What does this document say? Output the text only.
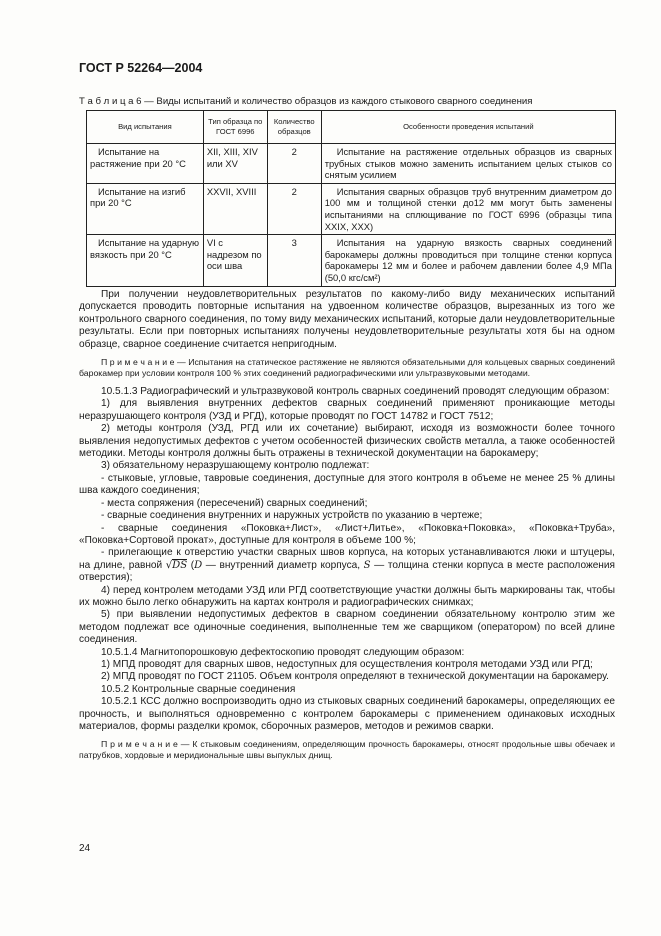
ГОСТ Р 52264—2004
Т а б л и ц а 6 — Виды испытаний и количество образцов из каждого стыкового сварного соединения
Вид испытания	Тип образца по ГОСТ 6996	Количество образцов	Особенности проведения испытаний
Испытание на растяжение при 20 °С	XII, XIII, XIV или XV	2	Испытание на растяжение отдельных образцов из сварных трубных стыков можно заменить испытанием целых стыков со снятым усилием
Испытание на изгиб при 20 °С	XXVII, XVIII	2	Испытания сварных образцов труб внутренним диаметром до 100 мм и толщиной стенки до12 мм могут быть заменены испытаниями на сплющивание по ГОСТ 6996 (образцы типа XXIX, XXX)
Испытание на ударную вязкость при 20 °С	VI с надрезом по оси шва	3	Испытания на ударную вязкость сварных соединений барокамеры должны проводиться при толщине стенки корпуса барокамеры 12 мм и более и рабочем давлении более 4,9 МПа (50,0 кгс/см²)

При получении неудовлетворительных результатов по какому-либо виду механических испытаний допускается проводить повторные испытания на удвоенном количестве образцов, вырезанных из того же контрольного сварного соединения, по тому виду механических испытаний, которые дали неудовлетворительные результаты. Если при повторных испытаниях получены неудовлетворительные результаты хотя бы на одном образце, сварное соединение считается непригодным.

П р и м е ч а н и е — Испытания на статическое растяжение не являются обязательными для кольцевых сварных соединений барокамер при условии контроля 100 % этих соединений радиографическими или ультразвуковыми методами.

10.5.1.3 Радиографический и ультразвуковой контроль сварных соединений проводят следующим образом:

1) для выявления внутренних дефектов сварных соединений применяют проникающие методы неразрушающего контроля (УЗД и РГД), которые проводят по ГОСТ 14782 и ГОСТ 7512;

2) методы контроля (УЗД, РГД или их сочетание) выбирают, исходя из возможности более точного выявления недопустимых дефектов с учетом особенностей физических свойств металла, а также особенностей методики. Методы контроля должны быть отражены в технической документации на барокамеру;

3) обязательному неразрушающему контролю подлежат:

- стыковые, угловые, тавровые соединения, доступные для этого контроля в объеме не менее 25 % длины шва каждого соединения;

- места сопряжения (пересечений) сварных соединений;

- сварные соединения внутренних и наружных устройств по указанию в чертеже;

- сварные соединения «Поковка+Лист», «Лист+Литье», «Поковка+Поковка», «Поковка+Труба», «Поковка+Сортовой прокат», доступные для контроля в объеме 100 %;

- прилегающие к отверстию участки сварных швов корпуса, на которых устанавливаются люки и штуцеры, на длине, равной √DS (D — внутренний диаметр корпуса, S — толщина стенки корпуса в месте расположения отверстия);

4) перед контролем методами УЗД или РГД соответствующие участки должны быть маркированы так, чтобы их можно было легко обнаружить на картах контроля и радиографических снимках;

5) при выявлении недопустимых дефектов в сварном соединении обязательному контролю этим же методом подлежат все одиночные соединения, выполненные тем же сварщиком (оператором) по всей длине соединения.

10.5.1.4 Магнитопорошковую дефектоскопию проводят следующим образом:

1) МПД проводят для сварных швов, недоступных для осуществления контроля методами УЗД или РГД;

2) МПД проводят по ГОСТ 21105. Объем контроля определяют в технической документации на барокамеру.

10.5.2 Контрольные сварные соединения

10.5.2.1 КСС должно воспроизводить одно из стыковых сварных соединений барокамеры, определяющих ее прочность, и выполняться одновременно с контролем барокамеры с применением одинаковых исходных материалов, формы разделки кромок, сборочных размеров, методов и режимов сварки.

П р и м е ч а н и е — К стыковым соединениям, определяющим прочность барокамеры, относят продольные швы обечаек и патрубков, хордовые и меридиональные швы выпуклых днищ.

24
